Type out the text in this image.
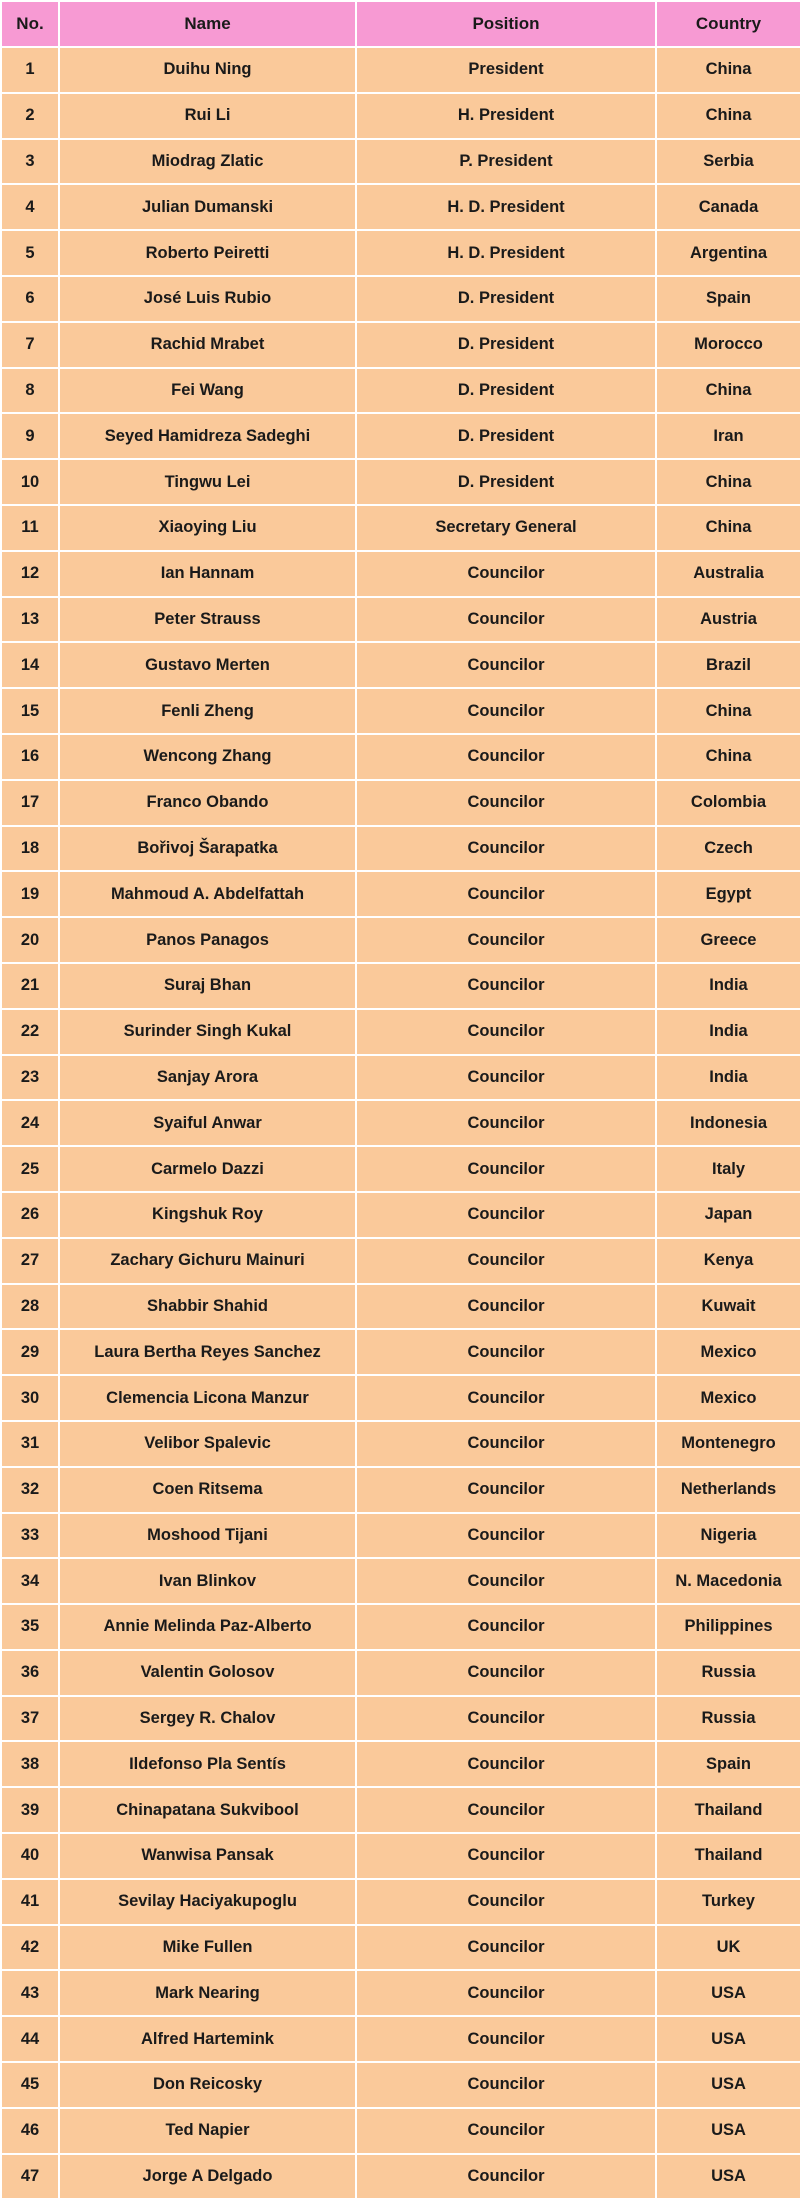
No.	Name	Position	Country
1	Duihu Ning	President	China
2	Rui Li	H. President	China
3	Miodrag Zlatic	P. President	Serbia
4	Julian Dumanski	H. D. President	Canada
5	Roberto Peiretti	H. D. President	Argentina
6	José Luis Rubio	D. President	Spain
7	Rachid Mrabet	D. President	Morocco
8	Fei Wang	D. President	China
9	Seyed Hamidreza Sadeghi	D. President	Iran
10	Tingwu Lei	D. President	China
11	Xiaoying Liu	Secretary General	China
12	Ian Hannam	Councilor	Australia
13	Peter Strauss	Councilor	Austria
14	Gustavo Merten	Councilor	Brazil
15	Fenli Zheng	Councilor	China
16	Wencong Zhang	Councilor	China
17	Franco Obando	Councilor	Colombia
18	Bořivoj Šarapatka	Councilor	Czech
19	Mahmoud A. Abdelfattah	Councilor	Egypt
20	Panos Panagos	Councilor	Greece
21	Suraj Bhan	Councilor	India
22	Surinder Singh Kukal	Councilor	India
23	Sanjay Arora	Councilor	India
24	Syaiful Anwar	Councilor	Indonesia
25	Carmelo Dazzi	Councilor	Italy
26	Kingshuk Roy	Councilor	Japan
27	Zachary Gichuru Mainuri	Councilor	Kenya
28	Shabbir Shahid	Councilor	Kuwait
29	Laura Bertha Reyes Sanchez	Councilor	Mexico
30	Clemencia Licona Manzur	Councilor	Mexico
31	Velibor Spalevic	Councilor	Montenegro
32	Coen Ritsema	Councilor	Netherlands
33	Moshood Tijani	Councilor	Nigeria
34	Ivan Blinkov	Councilor	N. Macedonia
35	Annie Melinda Paz-Alberto	Councilor	Philippines
36	Valentin Golosov	Councilor	Russia
37	Sergey R. Chalov	Councilor	Russia
38	Ildefonso Pla Sentís	Councilor	Spain
39	Chinapatana Sukvibool	Councilor	Thailand
40	Wanwisa Pansak	Councilor	Thailand
41	Sevilay Haciyakupoglu	Councilor	Turkey
42	Mike Fullen	Councilor	UK
43	Mark Nearing	Councilor	USA
44	Alfred Hartemink	Councilor	USA
45	Don Reicosky	Councilor	USA
46	Ted Napier	Councilor	USA
47	Jorge A Delgado	Councilor	USA
